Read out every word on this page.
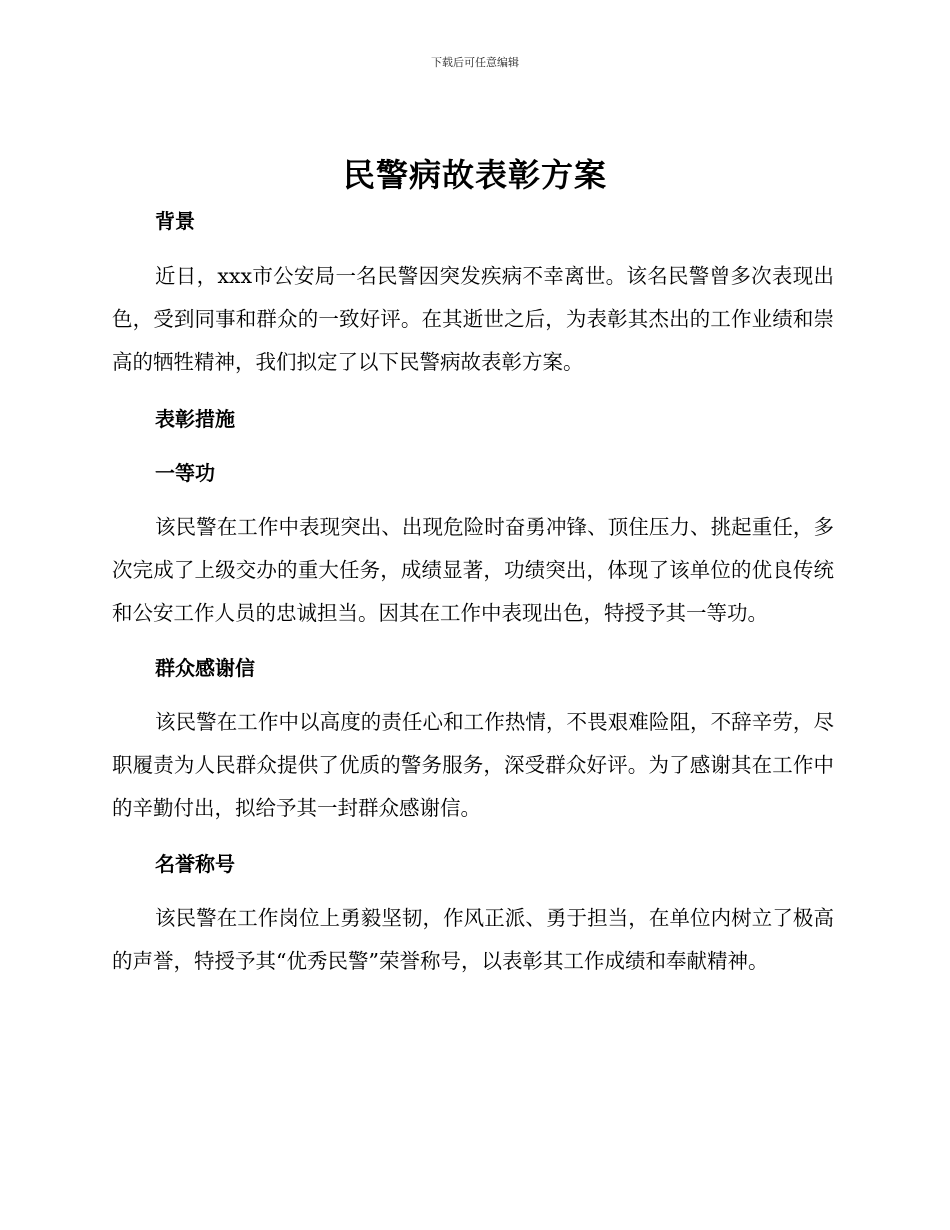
下载后可任意编辑
民警病故表彰方案
背景

近日，xxx市公安局一名民警因突发疾病不幸离世。该名民警曾多次表现出色，受到同事和群众的一致好评。在其逝世之后，为表彰其杰出的工作业绩和崇高的牺牲精神，我们拟定了以下民警病故表彰方案。

表彰措施
一等功

该民警在工作中表现突出、出现危险时奋勇冲锋、顶住压力、挑起重任，多次完成了上级交办的重大任务，成绩显著，功绩突出，体现了该单位的优良传统和公安工作人员的忠诚担当。因其在工作中表现出色，特授予其一等功。

群众感谢信

该民警在工作中以高度的责任心和工作热情，不畏艰难险阻，不辞辛劳，尽职履责为人民群众提供了优质的警务服务，深受群众好评。为了感谢其在工作中的辛勤付出，拟给予其一封群众感谢信。

名誉称号

该民警在工作岗位上勇毅坚韧，作风正派、勇于担当，在单位内树立了极高的声誉，特授予其“优秀民警”荣誉称号，以表彰其工作成绩和奉献精神。
